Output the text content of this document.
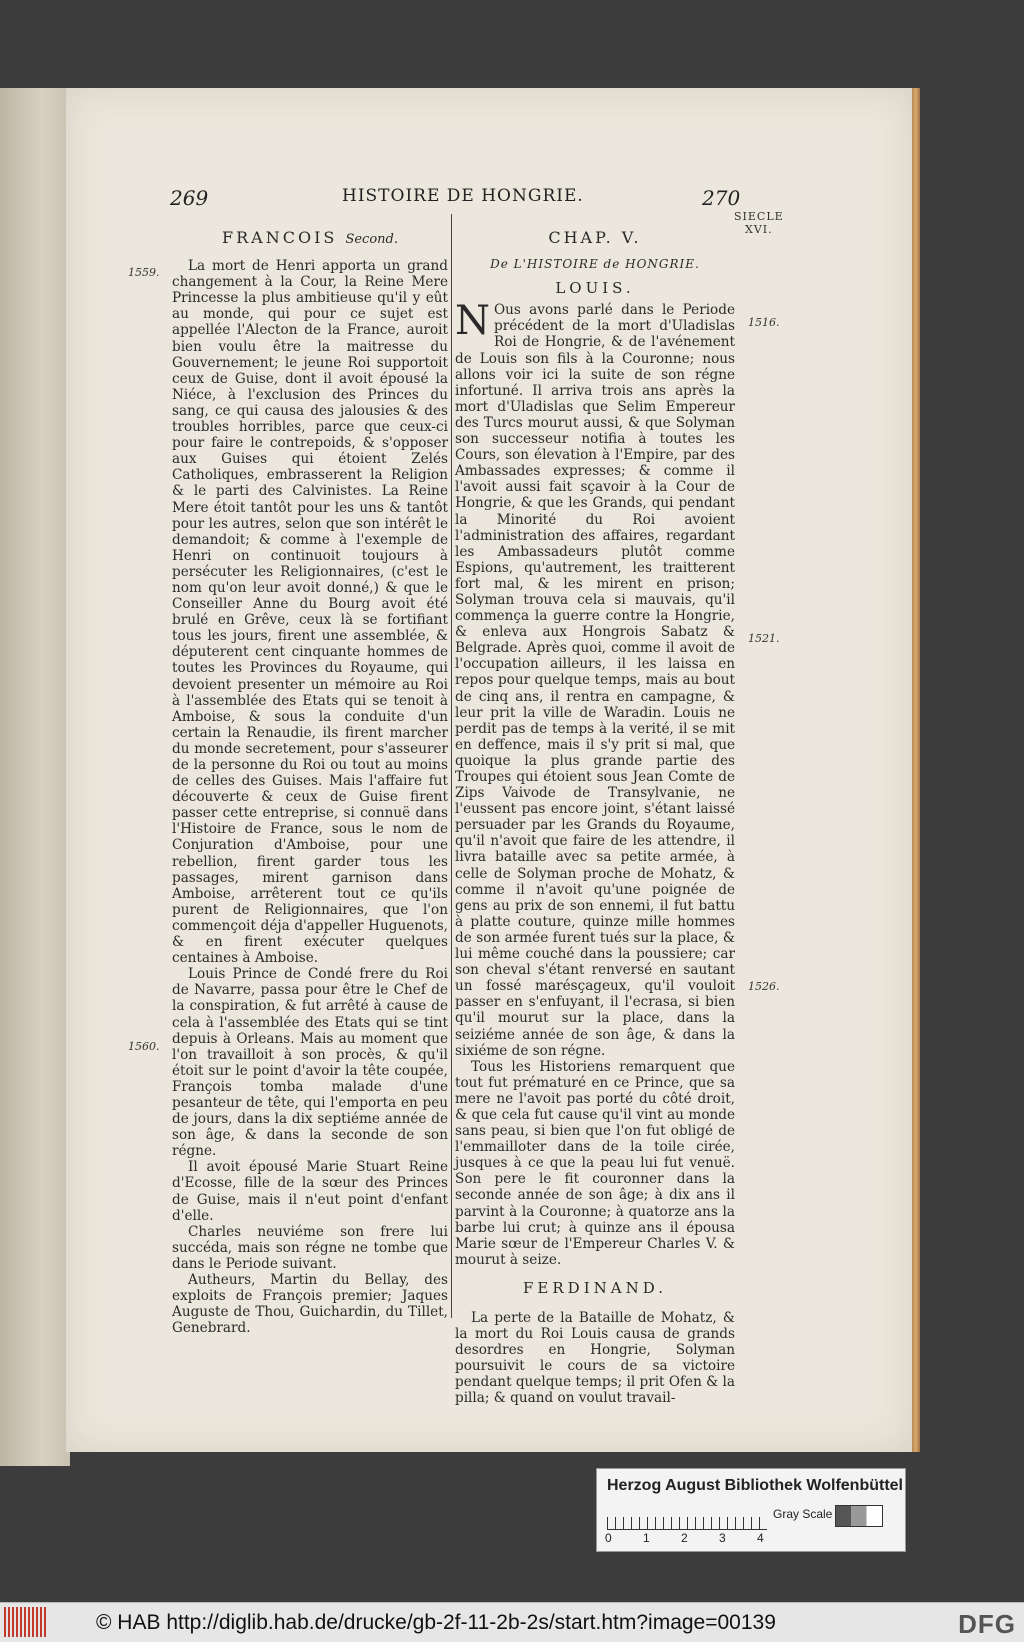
269	HISTOIRE DE HONGRIE.	270
SIECLE
XVI.
FRANCOIS Second.

La mort de Henri apporta un grand changement à la Cour, la Reine Mere Princesse la plus ambitieuse qu'il y eût au monde, qui pour ce sujet est appellée l'Alecton de la France, auroit bien voulu être la maitresse du Gouvernement; le jeune Roi supportoit ceux de Guise, dont il avoit épousé la Niéce, à l'exclusion des Princes du sang, ce qui causa des jalousies & des troubles horribles, parce que ceux-ci pour faire le contrepoids, & s'opposer aux Guises qui étoient Zelés Catholiques, embrasserent la Religion & le parti des Calvinistes. La Reine Mere étoit tantôt pour les uns & tantôt pour les autres, selon que son intérêt le demandoit; & comme à l'exemple de Henri on continuoit toujours à persécuter les Religionnaires, (c'est le nom qu'on leur avoit donné,) & que le Conseiller Anne du Bourg avoit été brulé en Grêve, ceux là se fortifiant tous les jours, firent une assemblée, & députerent cent cinquante hommes de toutes les Provinces du Royaume, qui devoient presenter un mémoire au Roi à l'assemblée des Etats qui se tenoit à Amboise, & sous la conduite d'un certain la Renaudie, ils firent marcher du monde secretement, pour s'asseurer de la personne du Roi ou tout au moins de celles des Guises. Mais l'affaire fut découverte & ceux de Guise firent passer cette entreprise, si connuë dans l'Histoire de France, sous le nom de Conjuration d'Amboise, pour une rebellion, firent garder tous les passages, mirent garnison dans Amboise, arrêterent tout ce qu'ils purent de Religionnaires, que l'on commençoit déja d'appeller Huguenots, & en firent exécuter quelques centaines à Amboise.

Louis Prince de Condé frere du Roi de Navarre, passa pour être le Chef de la conspiration, & fut arrêté à cause de cela à l'assemblée des Etats qui se tint depuis à Orleans. Mais au moment que l'on travailloit à son procès, & qu'il étoit sur le point d'avoir la tête coupée, François tomba malade d'une pesanteur de tête, qui l'emporta en peu de jours, dans la dix septiéme année de son âge, & dans la seconde de son régne.

Il avoit épousé Marie Stuart Reine d'Ecosse, fille de la sœur des Princes de Guise, mais il n'eut point d'enfant d'elle.

Charles neuviéme son frere lui succéda, mais son régne ne tombe que dans le Periode suivant.

Autheurs, Martin du Bellay, des exploits de François premier; Jaques Auguste de Thou, Guichardin, du Tillet, Genebrard.

CHAP. V.
De L'HISTOIRE de HONGRIE.
LOUIS.

N Ous avons parlé dans le Periode précédent de la mort d'Uladislas Roi de Hongrie, & de l'avénement de Louis son fils à la Couronne; nous allons voir ici la suite de son régne infortuné. Il arriva trois ans après la mort d'Uladislas que Selim Empereur des Turcs mourut aussi, & que Solyman son successeur notifia à toutes les Cours, son élevation à l'Empire, par des Ambassades expresses; & comme il l'avoit aussi fait sçavoir à la Cour de Hongrie, & que les Grands, qui pendant la Minorité du Roi avoient l'administration des affaires, regardant les Ambassadeurs plutôt comme Espions, qu'autrement, les traitterent fort mal, & les mirent en prison; Solyman trouva cela si mauvais, qu'il commença la guerre contre la Hongrie, & enleva aux Hongrois Sabatz & Belgrade. Après quoi, comme il avoit de l'occupation ailleurs, il les laissa en repos pour quelque temps, mais au bout de cinq ans, il rentra en campagne, & leur prit la ville de Waradin. Louis ne perdit pas de temps à la verité, il se mit en deffence, mais il s'y prit si mal, que quoique la plus grande partie des Troupes qui étoient sous Jean Comte de Zips Vaivode de Transylvanie, ne l'eussent pas encore joint, s'étant laissé persuader par les Grands du Royaume, qu'il n'avoit que faire de les attendre, il livra bataille avec sa petite armée, à celle de Solyman proche de Mohatz, & comme il n'avoit qu'une poignée de gens au prix de son ennemi, il fut battu à platte couture, quinze mille hommes de son armée furent tués sur la place, & lui même couché dans la poussiere; car son cheval s'étant renversé en sautant un fossé marésçageux, qu'il vouloit passer en s'enfuyant, il l'ecrasa, si bien qu'il mourut sur la place, dans la seiziéme année de son âge, & dans la sixiéme de son régne.

Tous les Historiens remarquent que tout fut prématuré en ce Prince, que sa mere ne l'avoit pas porté du côté droit, & que cela fut cause qu'il vint au monde sans peau, si bien que l'on fut obligé de l'emmailloter dans de la toile cirée, jusques à ce que la peau lui fut venuë. Son pere le fit couronner dans la seconde année de son âge; à dix ans il parvint à la Couronne; à quatorze ans la barbe lui crut; à quinze ans il épousa Marie sœur de l'Empereur Charles V. & mourut à seize.

FERDINAND.

La perte de la Bataille de Mohatz, & la mort du Roi Louis causa de grands desordres en Hongrie, Solyman poursuivit le cours de sa victoire pendant quelque temps; il prit Ofen & la pilla; & quand on voulut travail-

1559.
1560.
1516.
1521.
1526.
Herzog August Bibliothek Wolfenbüttel
0	1	2	3	4
Gray Scale
© HAB http://diglib.hab.de/drucke/gb-2f-11-2b-2s/start.htm?image=00139	DFG
